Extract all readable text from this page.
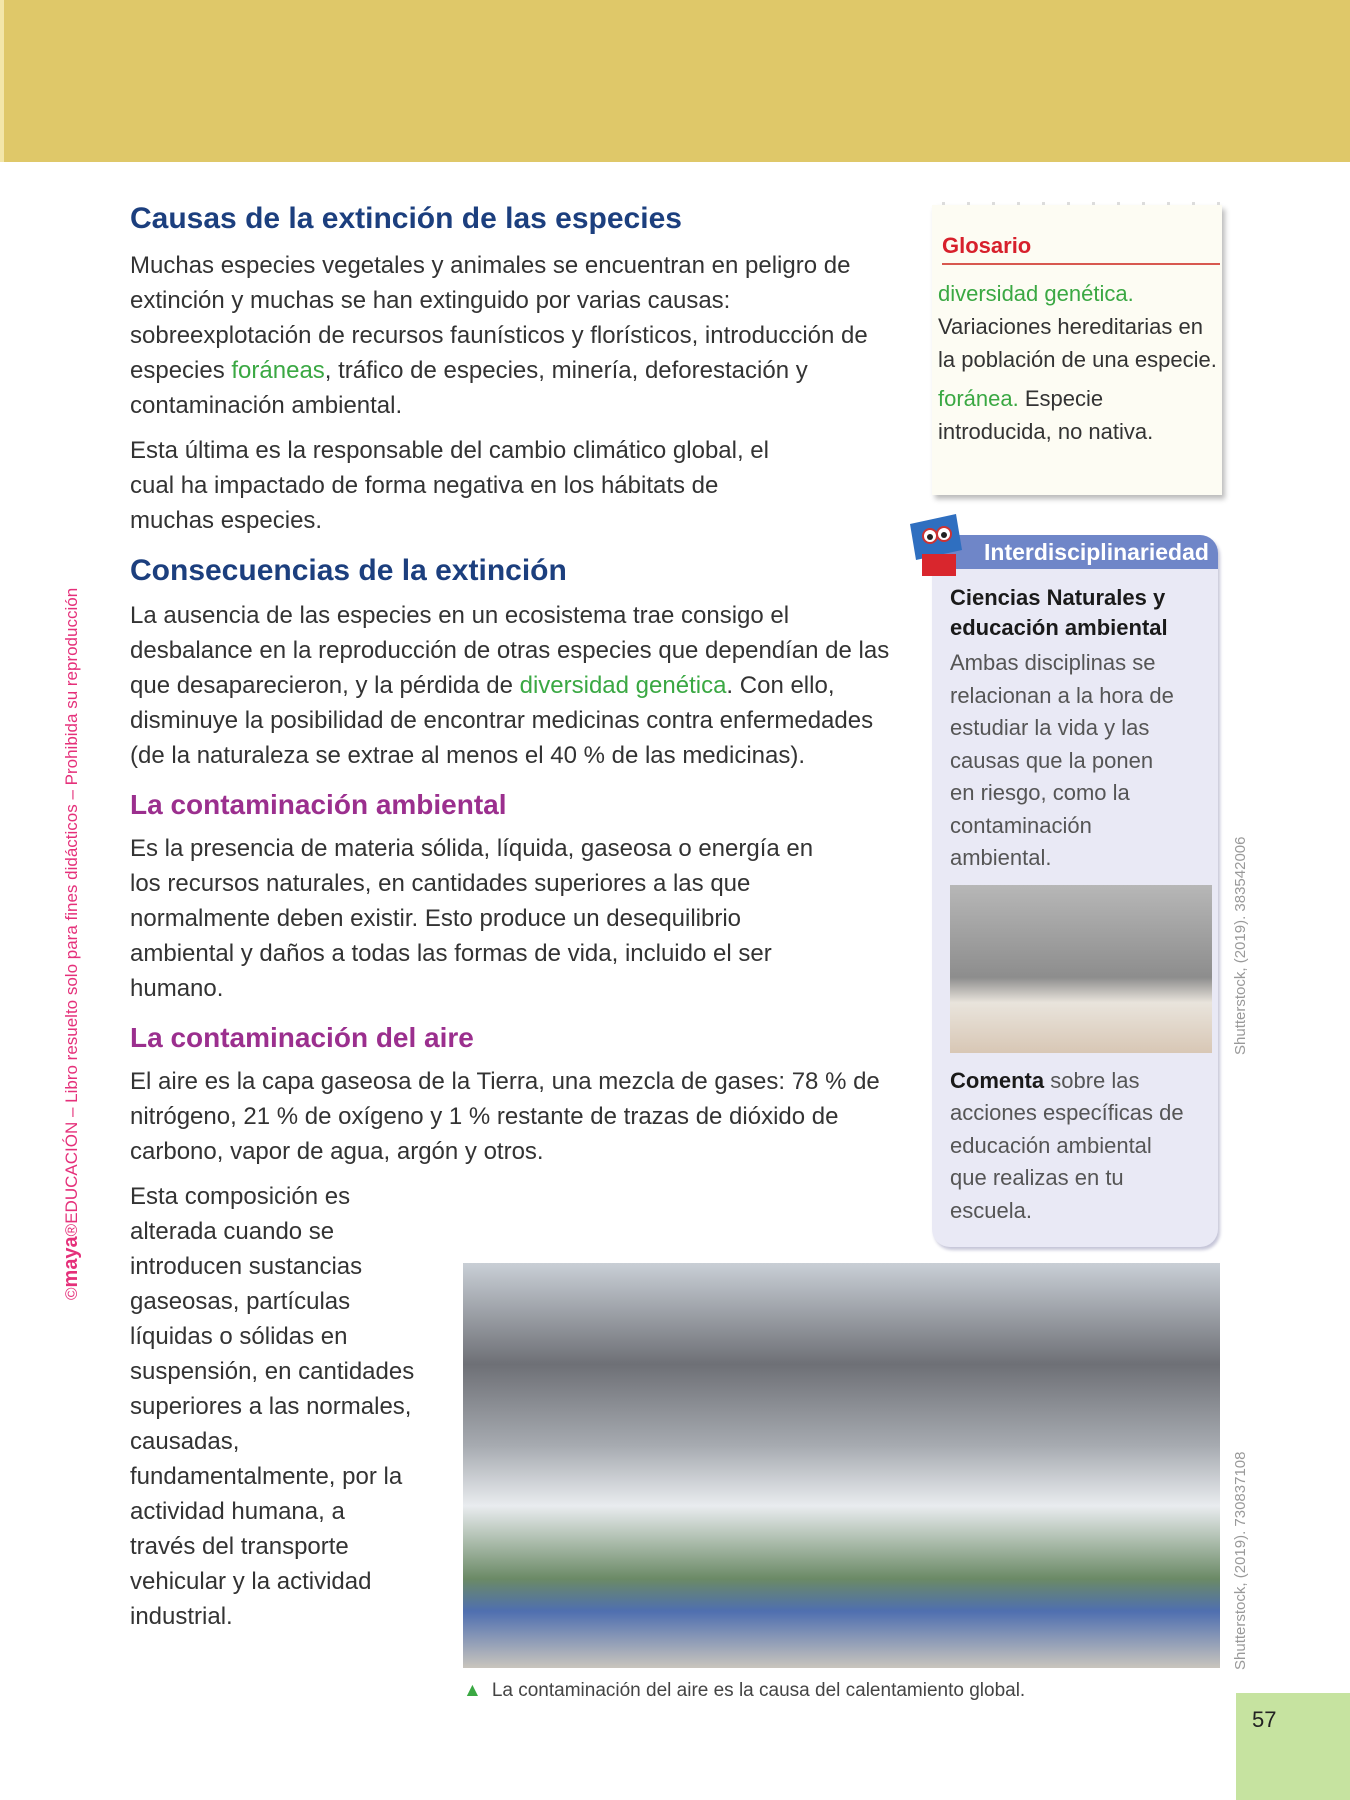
©maya®EDUCACIÓN – Libro resuelto solo para fines didácticos – Prohibida su reproducción
Causas de la extinción de las especies

Muchas especies vegetales y animales se encuentran en peligro de extinción y muchas se han extinguido por varias causas: sobreexplotación de recursos faunísticos y florísticos, introducción de especies foráneas, tráfico de especies, minería, deforestación y contaminación ambiental.

Esta última es la responsable del cambio climático global, el cual ha impactado de forma negativa en los hábitats de muchas especies.

Consecuencias de la extinción

La ausencia de las especies en un ecosistema trae consigo el desbalance en la reproducción de otras especies que dependían de las que desaparecieron, y la pérdida de diversidad genética. Con ello, disminuye la posibilidad de encontrar medicinas contra enfermedades (de la naturaleza se extrae al menos el 40 % de las medicinas).

La contaminación ambiental

Es la presencia de materia sólida, líquida, gaseosa o energía en los recursos naturales, en cantidades superiores a las que normalmente deben existir. Esto produce un desequilibrio ambiental y daños a todas las formas de vida, incluido el ser humano.

La contaminación del aire

El aire es la capa gaseosa de la Tierra, una mezcla de gases: 78 % de nitrógeno, 21 % de oxígeno y 1 % restante de trazas de dióxido de carbono, vapor de agua, argón y otros.

Esta composición es alterada cuando se introducen sustancias gaseosas, partículas líquidas o sólidas en suspensión, en cantidades superiores a las normales, causadas, fundamentalmente, por la actividad humana, a través del transporte vehicular y la actividad industrial.

Glosario
diversidad genética. Variaciones hereditarias en la población de una especie.
foránea. Especie introducida, no nativa.
Interdisciplinariedad
Ciencias Naturales y educación ambiental
Ambas disciplinas se relacionan a la hora de estudiar la vida y las causas que la ponen en riesgo, como la contaminación ambiental.
Comenta sobre las acciones específicas de educación ambiental que realizas en tu escuela.
Shutterstock, (2019). 383542006
Shutterstock, (2019). 730837108
▲ La contaminación del aire es la causa del calentamiento global.
57
